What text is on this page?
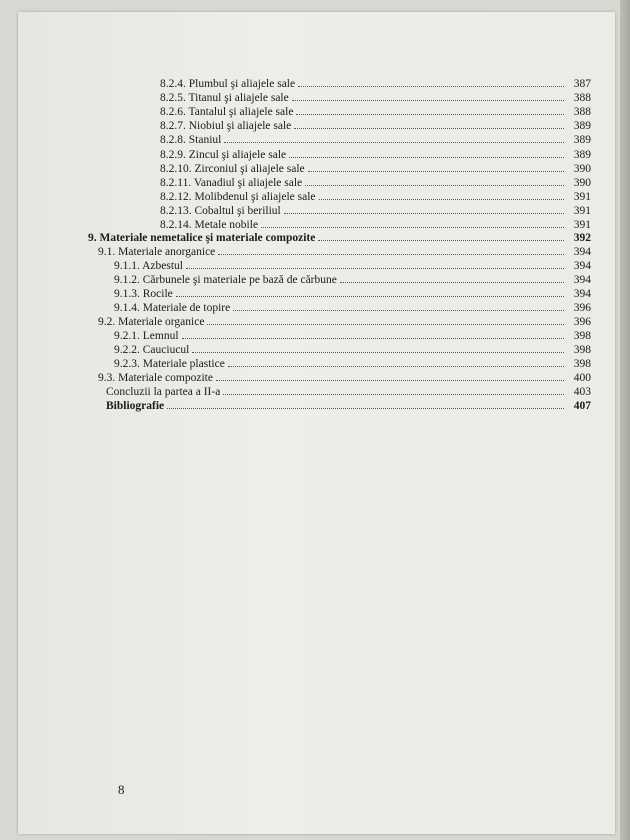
8.2.4. Plumbul şi aliajele sale	387
8.2.5. Titanul şi aliajele sale	388
8.2.6. Tantalul şi aliajele sale	388
8.2.7. Niobiul şi aliajele sale	389
8.2.8. Staniul	389
8.2.9. Zincul şi aliajele sale	389
8.2.10. Zirconiul şi aliajele sale	390
8.2.11. Vanadiul şi aliajele sale	390
8.2.12. Molibdenul şi aliajele sale	391
8.2.13. Cobaltul şi beriliul	391
8.2.14. Metale nobile	391
9. Materiale nemetalice şi materiale compozite	392
9.1. Materiale anorganice	394
9.1.1. Azbestul	394
9.1.2. Cărbunele şi materiale pe bază de cărbune	394
9.1.3. Rocile	394
9.1.4. Materiale de topire	396
9.2. Materiale organice	396
9.2.1. Lemnul	398
9.2.2. Cauciucul	398
9.2.3. Materiale plastice	398
9.3. Materiale compozite	400
Concluzii la partea a II-a	403
Bibliografie	407
8
